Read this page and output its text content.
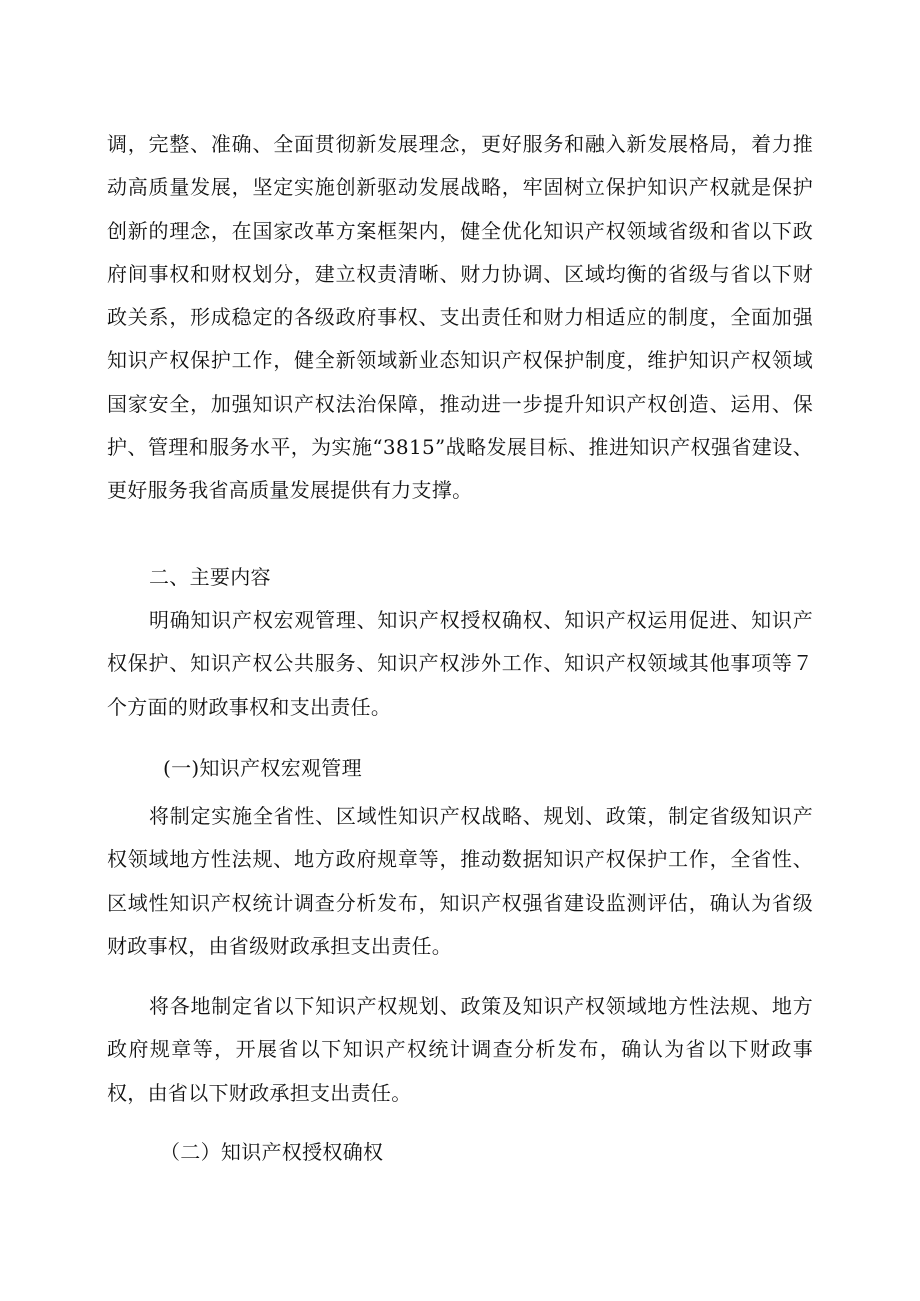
调，完整、准确、全面贯彻新发展理念，更好服务和融入新发展格局，着力推动高质量发展，坚定实施创新驱动发展战略，牢固树立保护知识产权就是保护创新的理念，在国家改革方案框架内，健全优化知识产权领域省级和省以下政府间事权和财权划分，建立权责清晰、财力协调、区域均衡的省级与省以下财政关系，形成稳定的各级政府事权、支出责任和财力相适应的制度，全面加强知识产权保护工作，健全新领域新业态知识产权保护制度，维护知识产权领域国家安全，加强知识产权法治保障，推动进一步提升知识产权创造、运用、保护、管理和服务水平，为实施“3815”战略发展目标、推进知识产权强省建设、更好服务我省高质量发展提供有力支撑。

二、主要内容

明确知识产权宏观管理、知识产权授权确权、知识产权运用促进、知识产权保护、知识产权公共服务、知识产权涉外工作、知识产权领域其他事项等７个方面的财政事权和支出责任。

(一)知识产权宏观管理

将制定实施全省性、区域性知识产权战略、规划、政策，制定省级知识产权领域地方性法规、地方政府规章等，推动数据知识产权保护工作，全省性、区域性知识产权统计调查分析发布，知识产权强省建设监测评估，确认为省级财政事权，由省级财政承担支出责任。

将各地制定省以下知识产权规划、政策及知识产权领域地方性法规、地方政府规章等，开展省以下知识产权统计调查分析发布，确认为省以下财政事权，由省以下财政承担支出责任。

（二）知识产权授权确权
